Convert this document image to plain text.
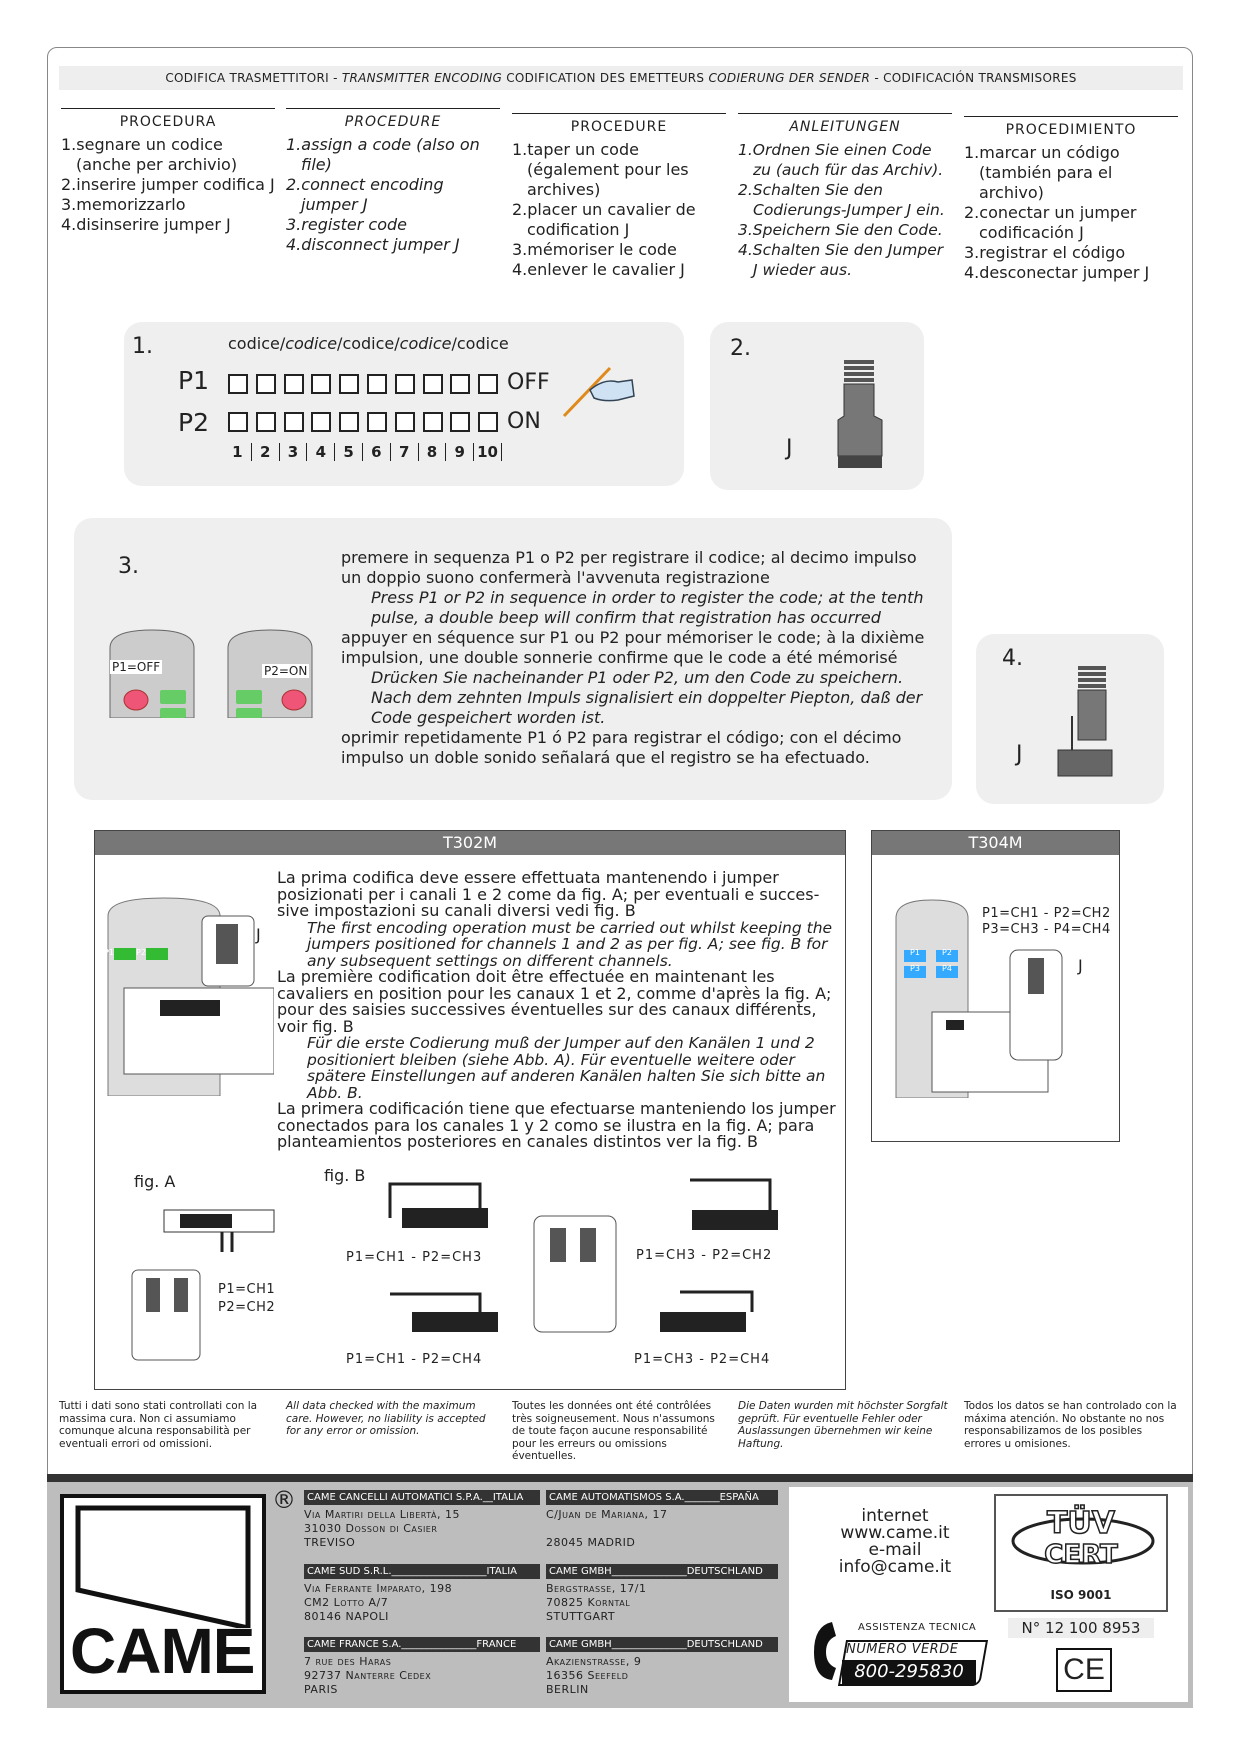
CODIFICA TRASMETTITORI - TRANSMITTER ENCODING CODIFICATION DES EMETTEURS CODIERUNG DER SENDER - CODIFICACIÓN TRANSMISORES
PROCEDURA
1.segnare un codice (anche per archivio)
2.inserire jumper codifica J
3.memorizzarlo
4.disinserire jumper J
PROCEDURE
1.assign a code (also on file)
2.connect encoding jumper J
3.register code
4.disconnect jumper J
PROCEDURE
1.taper un code (également pour les archives)
2.placer un cavalier de codification J
3.mémoriser le code
4.enlever le cavalier J
ANLEITUNGEN
1.Ordnen Sie einen Code zu (auch für das Archiv).
2.Schalten Sie den Codierungs-Jumper J ein.
3.Speichern Sie den Code.
4.Schalten Sie den Jumper J wieder aus.
PROCEDIMIENTO
1.marcar un código (también para el archivo)
2.conectar un jumper codificación J
3.registrar el código
4.desconectar jumper J
1.	codice/codice/codice/codice/codice
P1
P2
OFF
ON
1	2	3	4	5	6	7	8	9 10
2.
J
3.
P1=OFF	P2=ON
premere in sequenza P1 o P2 per registrare il codice; al decimo impulso un doppio suono confermerà l'avvenuta registrazione
Press P1 or P2 in sequence in order to register the code; at the tenth pulse, a double beep will confirm that registration has occurred
appuyer en séquence sur P1 ou P2 pour mémoriser le code; à la dixième impulsion, une double sonnerie confirme que le code a été mémorisé
Drücken Sie nacheinander P1 oder P2, um den Code zu speichern. Nach dem zehnten Impuls signalisiert ein doppelter Piepton, daß der Code gespeichert worden ist.
oprimir repetidamente P1 ó P2 para registrar el código; con el décimo impulso un doble sonido señalará que el registro se ha efectuado.
4.
J
T302M
P1	P2
J
La prima codifica deve essere effettuata mantenendo i jumper posizionati per i canali 1 e 2 come da fig. A; per eventuali e succes-sive impostazioni su canali diversi vedi fig. B
The first encoding operation must be carried out whilst keeping the jumpers positioned for channels 1 and 2 as per fig. A; see fig. B for any subsequent settings on different channels.
La première codification doit être effectuée en maintenant les cavaliers en position pour les canaux 1 et 2, comme d'après la fig. A; pour des saisies successives éventuelles sur des canaux différents, voir fig. B
Für die erste Codierung muß der Jumper auf den Kanälen 1 und 2 positioniert bleiben (siehe Abb. A). Für eventuelle weitere oder spätere Einstellungen auf anderen Kanälen halten Sie sich bitte an Abb. B.
La primera codificación tiene que efectuarse manteniendo los jumper conectados para los canales 1 y 2 como se ilustra en la fig. A; para planteamientos posteriores en canales distintos ver la fig. B
fig. A
P1=CH1
P2=CH2
fig. B
P1=CH1 - P2=CH3	P1=CH3 - P2=CH2
P1=CH1 - P2=CH4	P1=CH3 - P2=CH4
T304M
P1=CH1 - P2=CH2
P3=CH3 - P4=CH4
P1	P2
P3	P4	J
Tutti i dati sono stati controllati con la massima cura. Non ci assumiamo comunque alcuna responsabilità per eventuali errori od omissioni.
All data checked with the maximum care. However, no liability is accepted for any error or omission.
Toutes les données ont été contrôlées très soigneusement. Nous n'assumons de toute façon aucune responsabilité pour les erreurs ou omissions éventuelles.
Die Daten wurden mit höchster Sorgfalt geprüft. Für eventuelle Fehler oder Auslassungen übernehmen wir keine Haftung.
Todos los datos se han controlado con la máxima atención. No obstante no nos responsabilizamos de los posibles errores u omisiones.
CAME
®	CAME CANCELLI AUTOMATICI S.P.A.__ITALIA
Via Martiri della Libertà, 15
31030 Dosson di Casier
TREVISO
CAME AUTOMATISMOS S.A._______ESPAÑA
C/Juan de Mariana, 17
28045 MADRID
CAME SUD S.R.L.___________________ITALIA
Via Ferrante Imparato, 198
CM2 Lotto A/7
80146 NAPOLI
CAME GMBH_______________DEUTSCHLAND
Bergstrasse, 17/1
70825 Korntal
STUTTGART
CAME FRANCE S.A._______________FRANCE
7 rue des Haras
92737 Nanterre Cedex
PARIS
CAME GMBH_______________DEUTSCHLAND
Akazienstrasse, 9
16356 Seefeld
BERLIN
internet
www.came.it
e-mail
info@came.it
ASSISTENZA TECNICA
NUMERO VERDE
800-295830
TÜV
CERT
ISO 9001
N° 12 100 8953
CE
